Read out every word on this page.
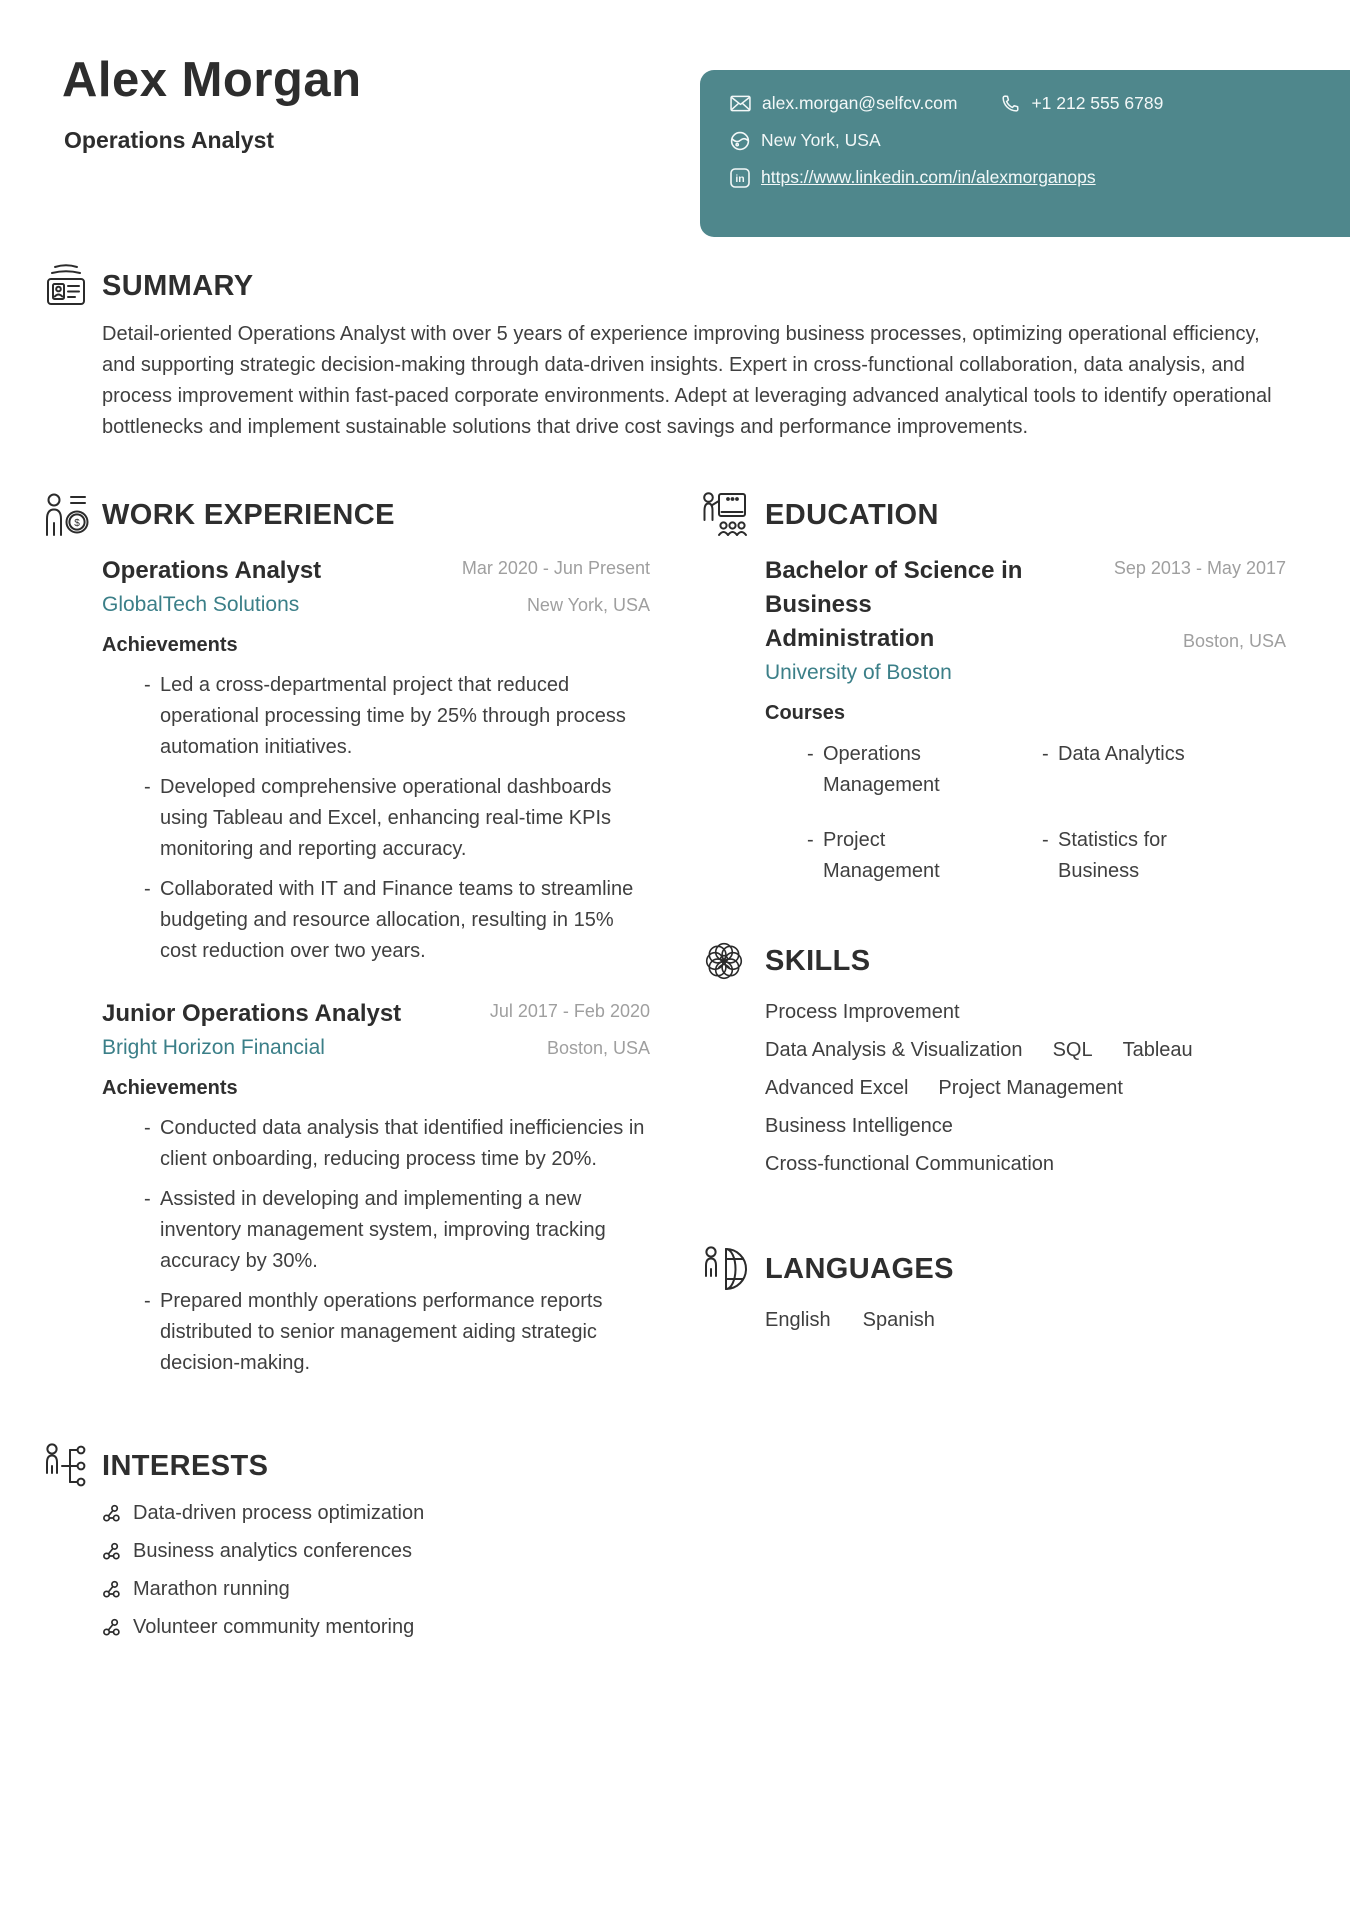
Alex Morgan
Operations Analyst
alex.morgan@selfcv.com	+1 212 555 6789
New York, USA
in https://www.linkedin.com/in/alexmorganops
SUMMARY
Detail-oriented Operations Analyst with over 5 years of experience improving business processes, optimizing operational efficiency, and supporting strategic decision-making through data-driven insights. Expert in cross-functional collaboration, data analysis, and process improvement within fast-paced corporate environments. Adept at leveraging advanced analytical tools to identify operational bottlenecks and implement sustainable solutions that drive cost savings and performance improvements.
$ WORK EXPERIENCE
Operations Analyst
GlobalTech Solutions
Mar 2020 - Jun Present
New York, USA
Achievements
- Led a cross-departmental project that reduced operational processing time by 25% through process automation initiatives.
- Developed comprehensive operational dashboards using Tableau and Excel, enhancing real-time KPIs monitoring and reporting accuracy.
- Collaborated with IT and Finance teams to streamline budgeting and resource allocation, resulting in 15% cost reduction over two years.
Junior Operations Analyst
Bright Horizon Financial
Jul 2017 - Feb 2020
Boston, USA
Achievements
- Conducted data analysis that identified inefficiencies in client onboarding, reducing process time by 20%.
- Assisted in developing and implementing a new inventory management system, improving tracking accuracy by 30%.
- Prepared monthly operations performance reports distributed to senior management aiding strategic decision-making.
INTERESTS
Data-driven process optimization
Business analytics conferences
Marathon running
Volunteer community mentoring
EDUCATION
Bachelor of Science in Business Administration
University of Boston
Sep 2013 - May 2017
Boston, USA
Courses
- Operations Management
- Data Analytics
- Project Management
- Statistics for Business
SKILLS
Process Improvement
Data Analysis & Visualization SQL Tableau
Advanced Excel Project Management
Business Intelligence
Cross-functional Communication
LANGUAGES
English Spanish
